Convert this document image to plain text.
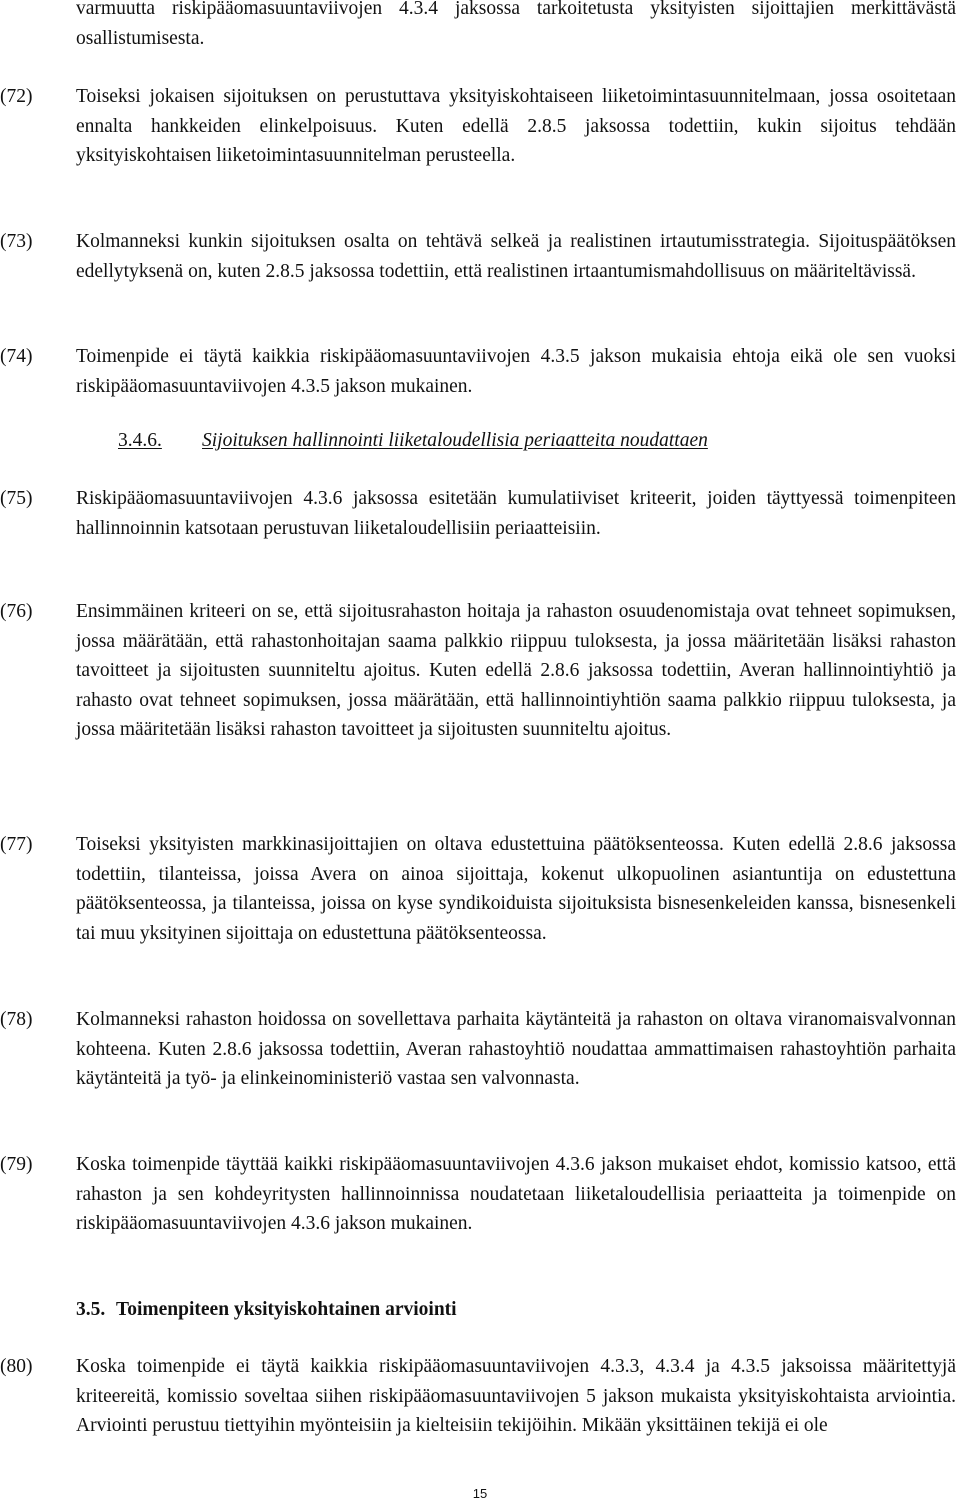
varmuutta riskipääomasuuntaviivojen 4.3.4 jaksossa tarkoitetusta yksityisten sijoittajien merkittävästä osallistumisesta.
(72)	Toiseksi jokaisen sijoituksen on perustuttava yksityiskohtaiseen liiketoimintasuunnitelmaan, jossa osoitetaan ennalta hankkeiden elinkelpoisuus. Kuten edellä 2.8.5 jaksossa todettiin, kukin sijoitus tehdään yksityiskohtaisen liiketoimintasuunnitelman perusteella.
(73)	Kolmanneksi kunkin sijoituksen osalta on tehtävä selkeä ja realistinen irtautumisstrategia. Sijoituspäätöksen edellytyksenä on, kuten 2.8.5 jaksossa todettiin, että realistinen irtaantumismahdollisuus on määriteltävissä.
(74)	Toimenpide ei täytä kaikkia riskipääomasuuntaviivojen 4.3.5 jakson mukaisia ehtoja eikä ole sen vuoksi riskipääomasuuntaviivojen 4.3.5 jakson mukainen.
3.4.6.	Sijoituksen hallinnointi liiketaloudellisia periaatteita noudattaen
(75)	Riskipääomasuuntaviivojen 4.3.6 jaksossa esitetään kumulatiiviset kriteerit, joiden täyttyessä toimenpiteen hallinnoinnin katsotaan perustuvan liiketaloudellisiin periaatteisiin.
(76)	Ensimmäinen kriteeri on se, että sijoitusrahaston hoitaja ja rahaston osuudenomistaja ovat tehneet sopimuksen, jossa määrätään, että rahastonhoitajan saama palkkio riippuu tuloksesta, ja jossa määritetään lisäksi rahaston tavoitteet ja sijoitusten suunniteltu ajoitus. Kuten edellä 2.8.6 jaksossa todettiin, Averan hallinnointiyhtiö ja rahasto ovat tehneet sopimuksen, jossa määrätään, että hallinnointiyhtiön saama palkkio riippuu tuloksesta, ja jossa määritetään lisäksi rahaston tavoitteet ja sijoitusten suunniteltu ajoitus.
(77)	Toiseksi yksityisten markkinasijoittajien on oltava edustettuina päätöksenteossa. Kuten edellä 2.8.6 jaksossa todettiin, tilanteissa, joissa Avera on ainoa sijoittaja, kokenut ulkopuolinen asiantuntija on edustettuna päätöksenteossa, ja tilanteissa, joissa on kyse syndikoiduista sijoituksista bisnesenkeleiden kanssa, bisnesenkeli tai muu yksityinen sijoittaja on edustettuna päätöksenteossa.
(78)	Kolmanneksi rahaston hoidossa on sovellettava parhaita käytänteitä ja rahaston on oltava viranomaisvalvonnan kohteena. Kuten 2.8.6 jaksossa todettiin, Averan rahastoyhtiö noudattaa ammattimaisen rahastoyhtiön parhaita käytänteitä ja työ- ja elinkeinoministeriö vastaa sen valvonnasta.
(79)	Koska toimenpide täyttää kaikki riskipääomasuuntaviivojen 4.3.6 jakson mukaiset ehdot, komissio katsoo, että rahaston ja sen kohdeyritysten hallinnoinnissa noudatetaan liiketaloudellisia periaatteita ja toimenpide on riskipääomasuuntaviivojen 4.3.6 jakson mukainen.
3.5. Toimenpiteen yksityiskohtainen arviointi
(80)	Koska toimenpide ei täytä kaikkia riskipääomasuuntaviivojen 4.3.3, 4.3.4 ja 4.3.5 jaksoissa määritettyjä kriteereitä, komissio soveltaa siihen riskipääomasuuntaviivojen 5 jakson mukaista yksityiskohtaista arviointia. Arviointi perustuu tiettyihin myönteisiin ja kielteisiin tekijöihin. Mikään yksittäinen tekijä ei ole
15
